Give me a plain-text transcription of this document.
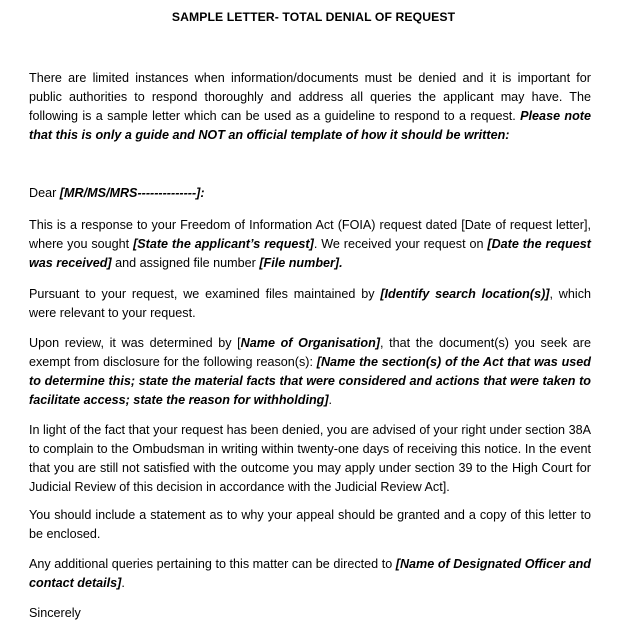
SAMPLE LETTER- TOTAL DENIAL OF REQUEST
There are limited instances when information/documents must be denied and it is important for public authorities to respond thoroughly and address all queries the applicant may have. The following is a sample letter which can be used as a guideline to respond to a request. Please note that this is only a guide and NOT an official template of how it should be written:
Dear [MR/MS/MRS--------------]:
This is a response to your Freedom of Information Act (FOIA) request dated [Date of request letter], where you sought [State the applicant’s request]. We received your request on [Date the request was received] and assigned file number [File number].
Pursuant to your request, we examined files maintained by [Identify search location(s)], which were relevant to your request.
Upon review, it was determined by [Name of Organisation], that the document(s) you seek are exempt from disclosure for the following reason(s): [Name the section(s) of the Act that was used to determine this; state the material facts that were considered and actions that were taken to facilitate access; state the reason for withholding].
In light of the fact that your request has been denied, you are advised of your right under section 38A to complain to the Ombudsman in writing within twenty-one days of receiving this notice. In the event that you are still not satisfied with the outcome you may apply under section 39 to the High Court for Judicial Review of this decision in accordance with the Judicial Review Act].
You should include a statement as to why your appeal should be granted and a copy of this letter to be enclosed.
Any additional queries pertaining to this matter can be directed to [Name of Designated Officer and contact details].
Sincerely
